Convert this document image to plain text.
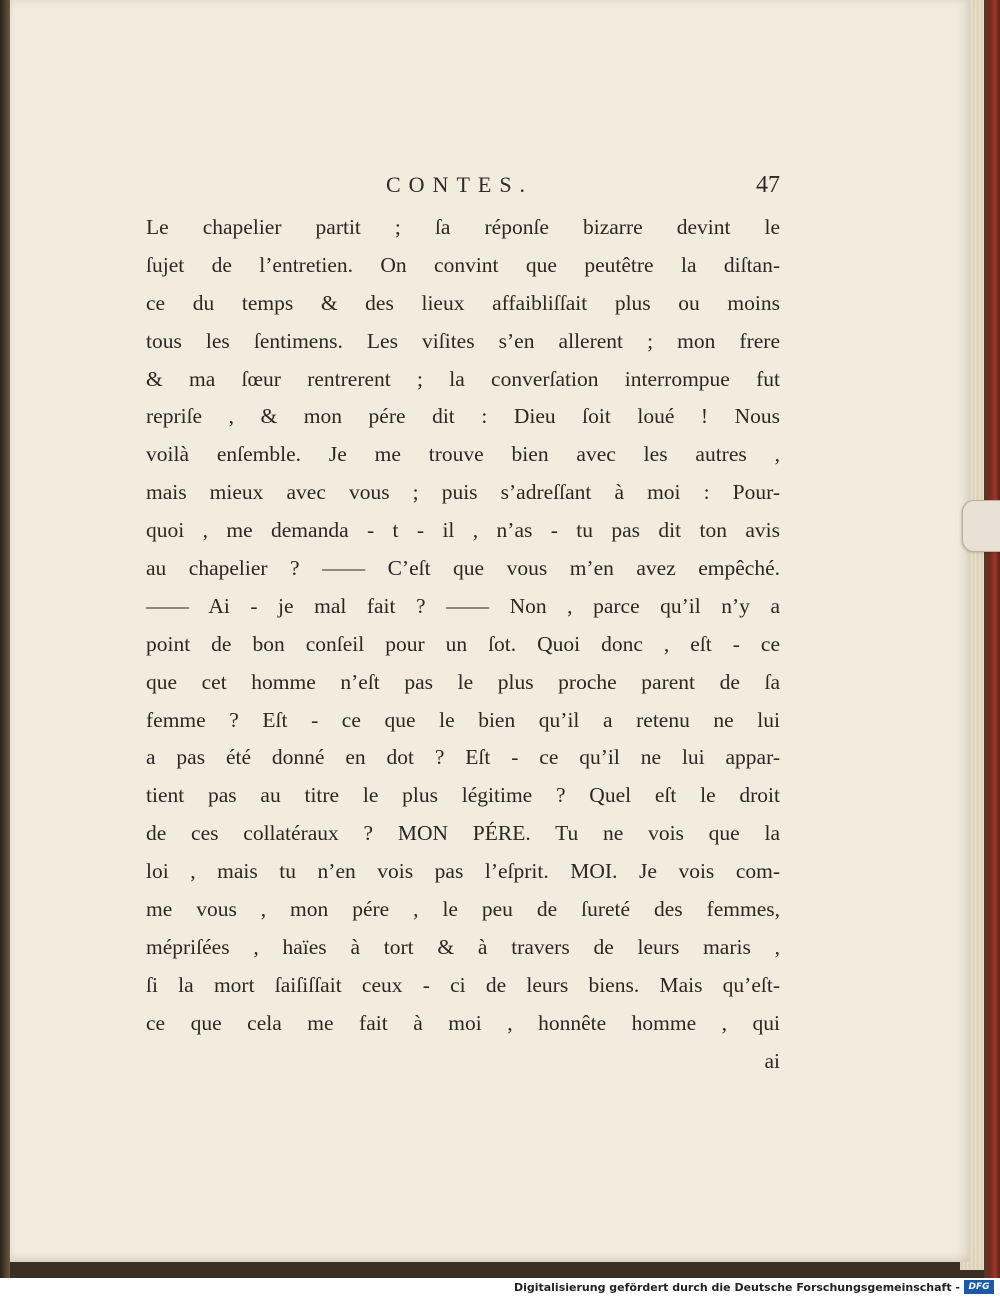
CONTES.	47
Le chapelier partit ; ſa réponſe bizarre devint le
ſujet de l’entretien. On convint que peutêtre la diſtan-
ce du temps & des lieux affaibliſſait plus ou moins
tous les ſentimens. Les viſites s’en allerent ; mon frere
& ma ſœur rentrerent ; la converſation interrompue fut
repriſe , & mon pére dit : Dieu ſoit loué ! Nous
voilà enſemble. Je me trouve bien avec les autres ,
mais mieux avec vous ; puis s’adreſſant à moi : Pour-
quoi , me demanda - t - il , n’as - tu pas dit ton avis
au chapelier ? —— C’eſt que vous m’en avez empêché.
—— Ai - je mal fait ? —— Non , parce qu’il n’y a
point de bon conſeil pour un ſot. Quoi donc , eſt - ce
que cet homme n’eſt pas le plus proche parent de ſa
femme ? Eſt - ce que le bien qu’il a retenu ne lui
a pas été donné en dot ? Eſt - ce qu’il ne lui appar-
tient pas au titre le plus légitime ? Quel eſt le droit
de ces collatéraux ? MON PÉRE. Tu ne vois que la
loi , mais tu n’en vois pas l’eſprit. MOI. Je vois com-
me vous , mon pére , le peu de ſureté des femmes,
mépriſées , haïes à tort & à travers de leurs maris ,
ſi la mort ſaiſiſſait ceux - ci de leurs biens. Mais qu’eſt-
ce que cela me fait à moi , honnête homme , qui
ai
Digitalisierung gefördert durch die Deutsche Forschungsgemeinschaft - DFG
